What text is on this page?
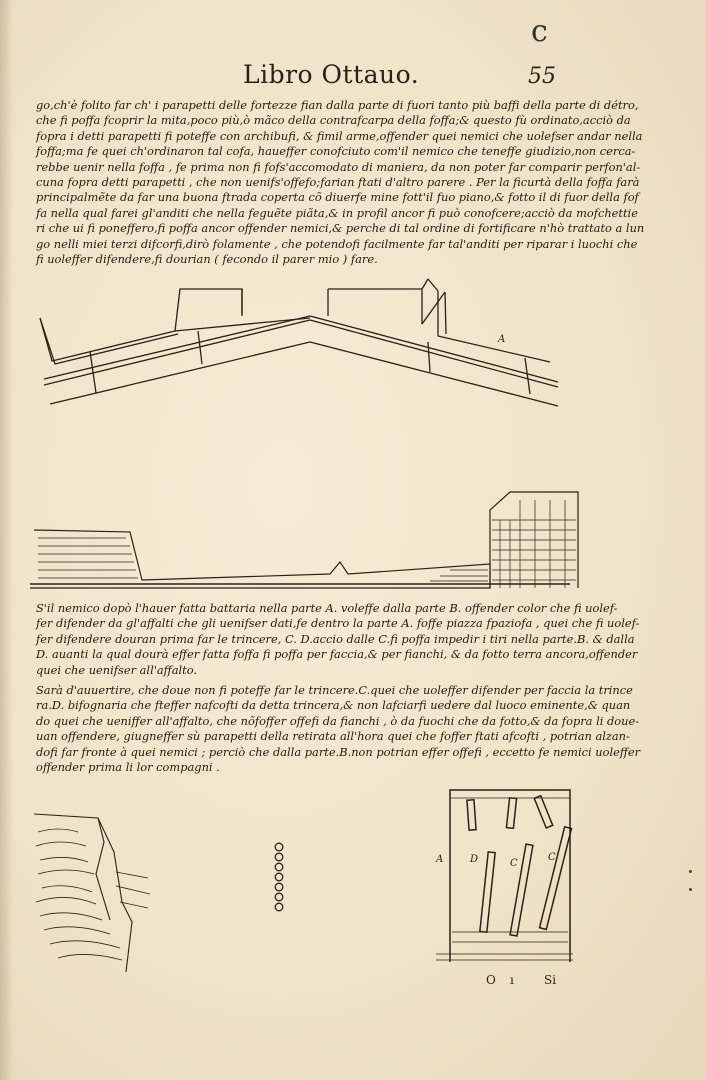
c
Libro Ottauo.	55

go,ch'è folito far ch' i parapetti delle fortezze fian dalla parte di fuori tanto più baffi della parte di détro,
che fi poffa fcoprir la mita,poco più,ò mãco della contrafcarpa della foffa;& questo fù ordinato,acciò da
fopra i detti parapetti fi poteffe con archibufi, & fimil arme,offender quei nemici che uolefser andar nella
foffa;ma fe quei ch'ordinaron tal cofa, haueffer conofciuto com'il nemico che teneffe giudizio,non cerca-
rebbe uenir nella foffa , fe prima non fi fofs'accomodato di maniera, da non poter far comparir perfon'al-
cuna fopra detti parapetti , che non uenifs'offefo;farian ftati d'altro parere . Per la ficurtà della foffa farà
principalmẽte da far una buona ftrada coperta cõ diuerfe mine fott'il fuo piano,& fotto il di fuor della fof
fa nella qual farei gl'anditi che nella feguẽte piãta,& in profil ancor fi può conofcere;acciò da mofchettie
ri che ui fi poneffero,fi poffa ancor offender nemici,& perche di tal ordine di fortificare n'hò trattato a lun
go nelli miei terzi difcorfi,dirò folamente , che potendofi facilmente far tal'anditi per riparar i luochi che
fi uoleffer difendere,fi dourian ( fecondo il parer mio ) fare.

A

S'il nemico dopò l'hauer fatta battaria nella parte A. voleffe dalla parte B. offender color che fi uolef-
fer difender da gl'affalti che gli uenifser dati,fe dentro la parte A. foffe piazza fpaziofa , quei che fi uolef-
fer difendere douran prima far le trincere, C. D.accio dalle C.fi poffa impedir i tiri nella parte.B. & dalla
D. auanti la qual dourà effer fatta foffa fi poffa per faccia,& per fianchi, & da fotto terra ancora,offender
quei che uenifser all'affalto.

Sarà d'auuertire, che doue non fi poteffe far le trincere.C.quei che uoleffer difender per faccia la trince
ra.D. bifognaria che fteffer nafcofti da detta trincera,& non lafciarfi uedere dal luoco eminente,& quan
do quei che ueniffer all'affalto, che nõfoffer offefi da fianchi , ò da fuochi che da fotto,& da fopra li doue-
uan offendere, giugneffer sù parapetti della retirata all'hora quei che foffer ftati afcofti , potrian alzan-
dofi far fronte à quei nemici ; perciò che dalla parte.B.non potrian effer offefi , eccetto fe nemici uoleffer
offender prima li lor compagni .

A	D	C
C
O ı	Si
